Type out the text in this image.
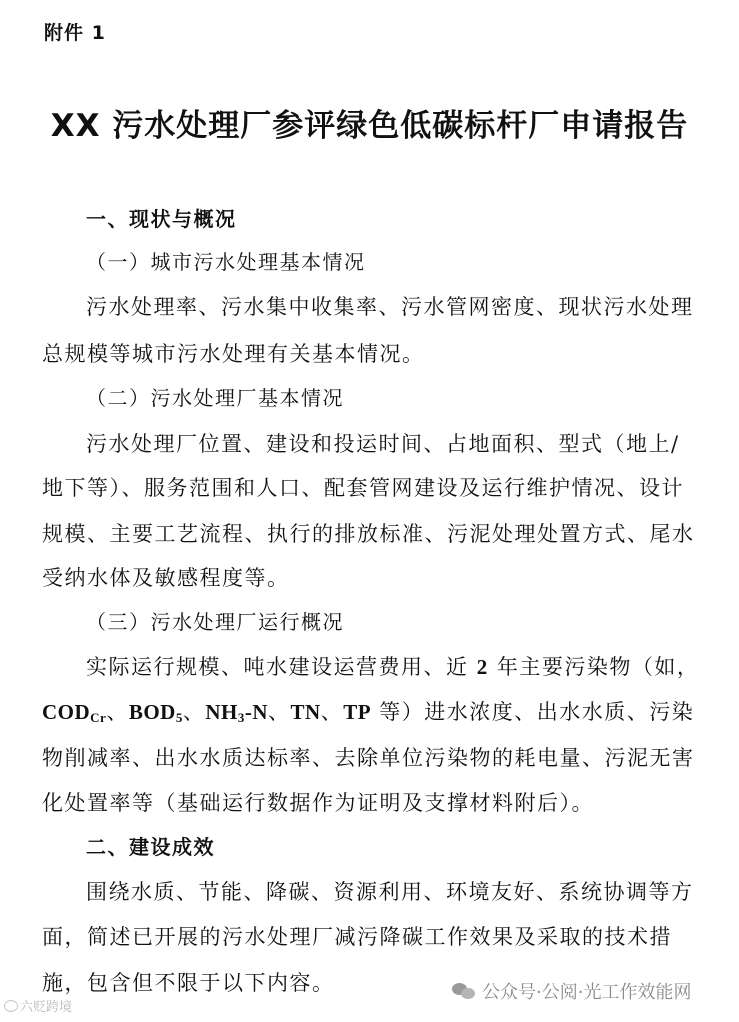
附件 1
XX 污水处理厂参评绿色低碳标杆厂申请报告
一、现状与概况
（一）城市污水处理基本情况
污水处理率、污水集中收集率、污水管网密度、现状污水处理
总规模等城市污水处理有关基本情况。
（二）污水处理厂基本情况
污水处理厂位置、建设和投运时间、占地面积、型式（地上/
地下等）、服务范围和人口、配套管网建设及运行维护情况、设计
规模、主要工艺流程、执行的排放标准、污泥处理处置方式、尾水
受纳水体及敏感程度等。
（三）污水处理厂运行概况
实际运行规模、吨水建设运营费用、近 2 年主要污染物（如，
$COD_{Cr}$、$BOD_5$、$NH_3-N$、TN、TP 等）进水浓度、出水水质、污染
物削减率、出水水质达标率、去除单位污染物的耗电量、污泥无害
化处置率等（基础运行数据作为证明及支撑材料附后）。
二、建设成效
围绕水质、节能、降碳、资源利用、环境友好、系统协调等方
面，简述已开展的污水处理厂减污降碳工作效果及采取的技术措
施，包含但不限于以下内容。
六贬跨境
公众号·公阅·光工作效能网
